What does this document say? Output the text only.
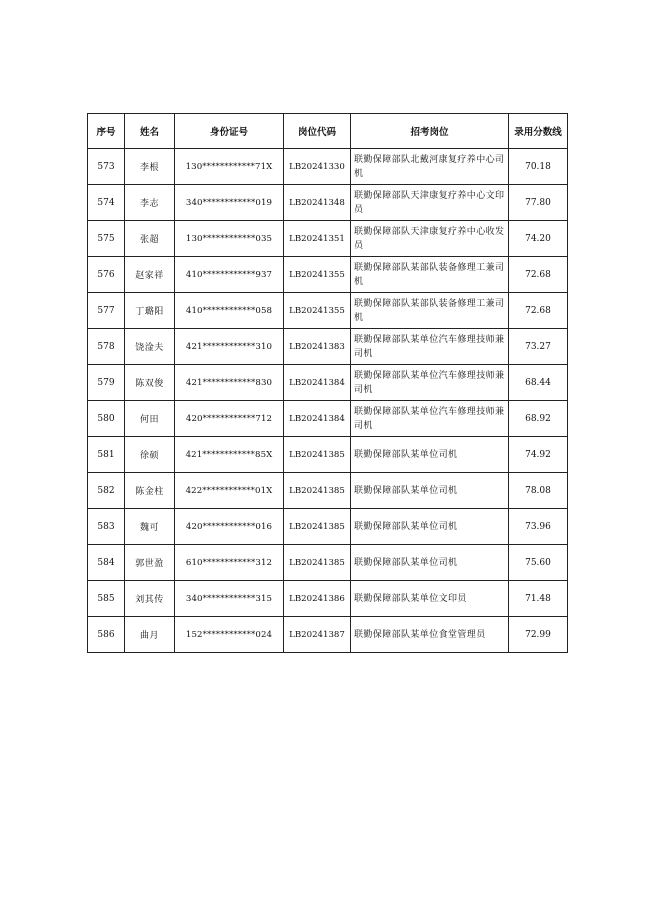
序号	姓名	身份证号	岗位代码	招考岗位	录用分数线
573	李根	130************71X	LB20241330	联勤保障部队北戴河康复疗养中心司机	70.18
574	李志	340************019	LB20241348	联勤保障部队天津康复疗养中心文印员	77.80
575	张超	130************035	LB20241351	联勤保障部队天津康复疗养中心收发员	74.20
576	赵家祥	410************937	LB20241355	联勤保障部队某部队装备修理工兼司机	72.68
577	丁璐阳	410************058	LB20241355	联勤保障部队某部队装备修理工兼司机	72.68
578	饶淦夫	421************310	LB20241383	联勤保障部队某单位汽车修理技师兼司机	73.27
579	陈双俊	421************830	LB20241384	联勤保障部队某单位汽车修理技师兼司机	68.44
580	何田	420************712	LB20241384	联勤保障部队某单位汽车修理技师兼司机	68.92
581	徐硕	421************85X	LB20241385	联勤保障部队某单位司机	74.92
582	陈金柱	422************01X	LB20241385	联勤保障部队某单位司机	78.08
583	魏可	420************016	LB20241385	联勤保障部队某单位司机	73.96
584	郭世盈	610************312	LB20241385	联勤保障部队某单位司机	75.60
585	刘其传	340************315	LB20241386	联勤保障部队某单位文印员	71.48
586	曲月	152************024	LB20241387	联勤保障部队某单位食堂管理员	72.99
